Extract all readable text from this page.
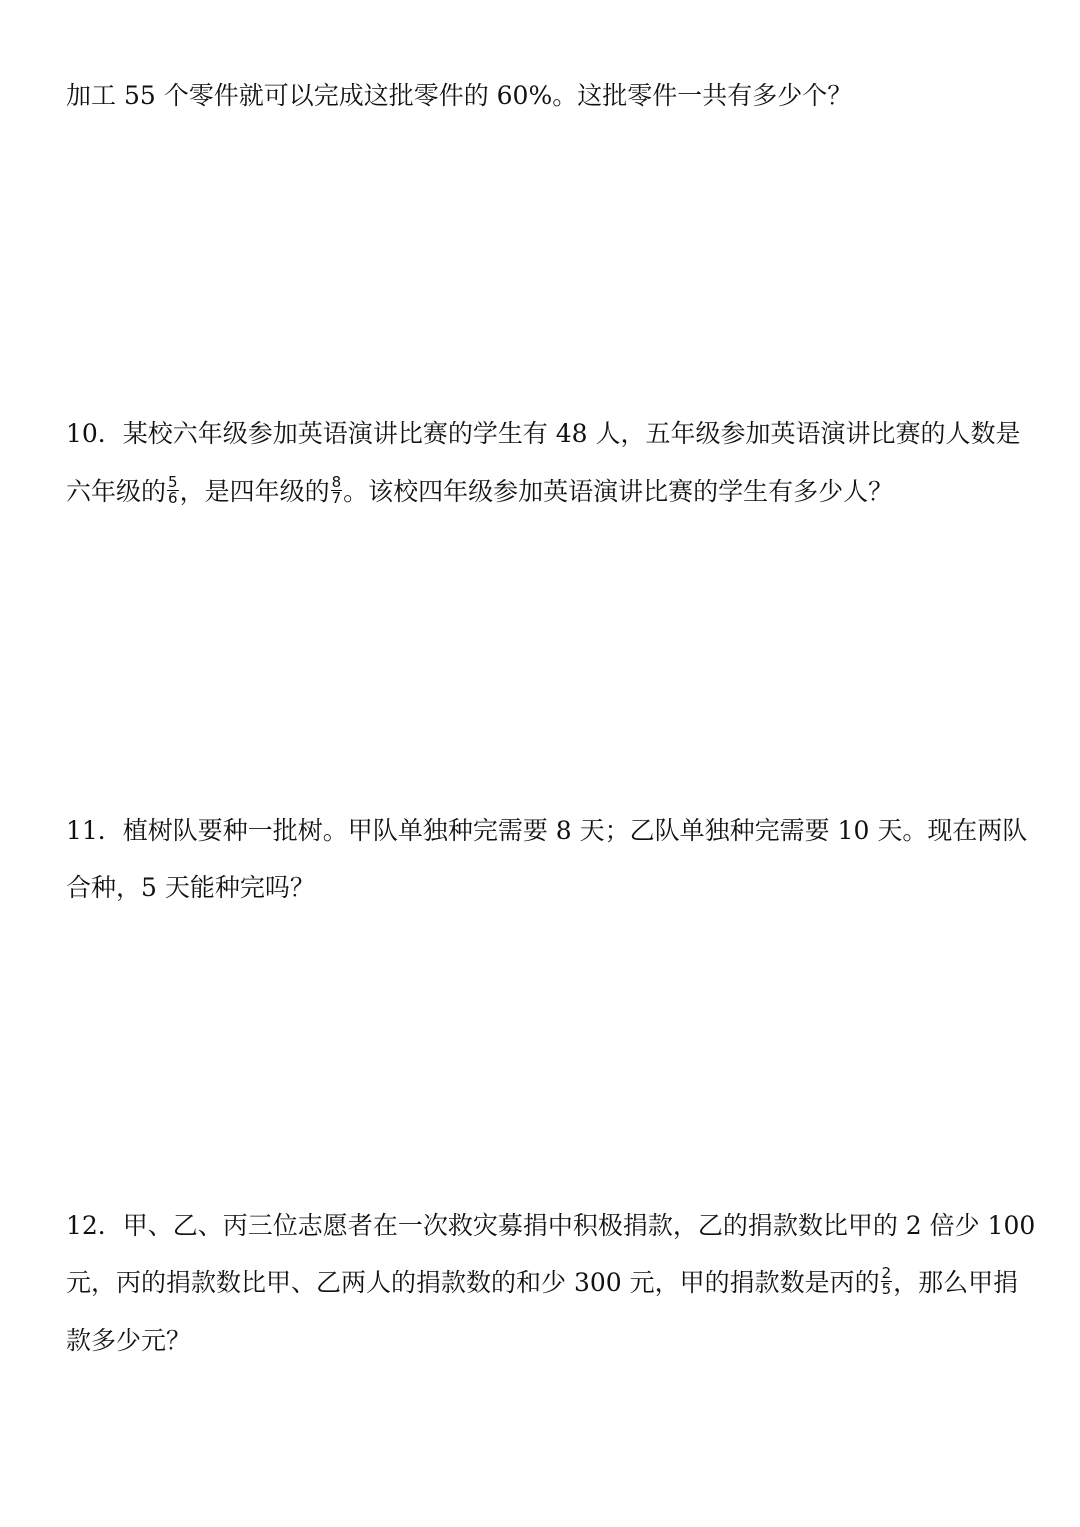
加工 55 个零件就可以完成这批零件的 60%。这批零件一共有多少个？
10．某校六年级参加英语演讲比赛的学生有 48 人，五年级参加英语演讲比赛的人数是
六年级的 $\frac{5}{6}$ ，是四年级的 $\frac{8}{7}$ 。该校四年级参加英语演讲比赛的学生有多少人？
11．植树队要种一批树。甲队单独种完需要 8 天；乙队单独种完需要 10 天。现在两队
合种，5 天能种完吗？
12．甲、乙、丙三位志愿者在一次救灾募捐中积极捐款，乙的捐款数比甲的 2 倍少 100
元，丙的捐款数比甲、乙两人的捐款数的和少 300 元，甲的捐款数是丙的 $\frac{2}{5}$ ，那么甲捐
款多少元？
